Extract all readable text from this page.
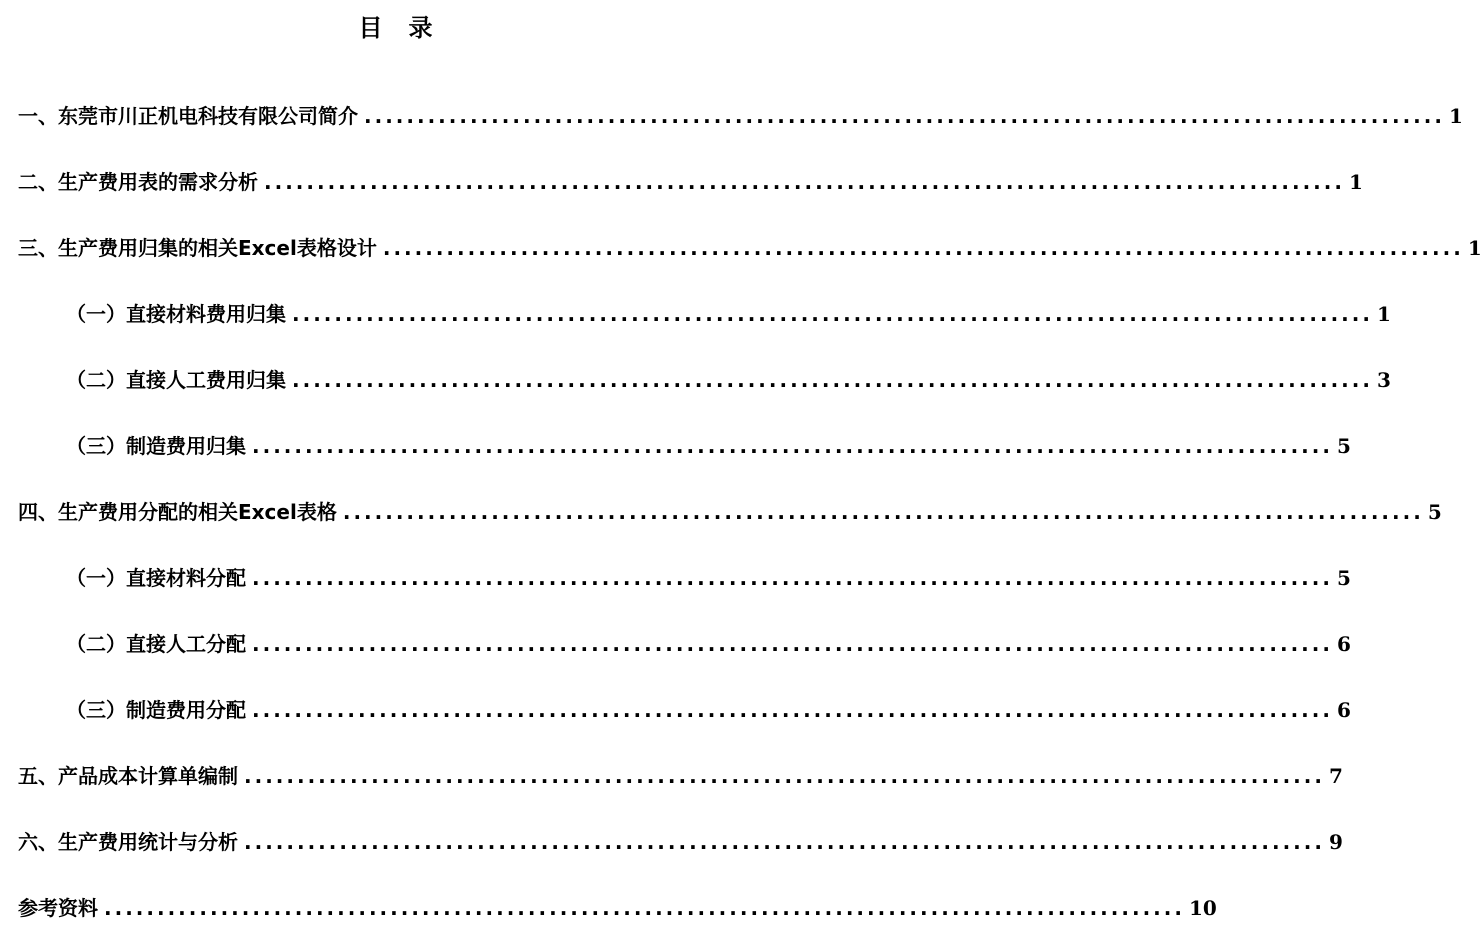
目 录
一、东莞市川正机电科技有限公司简介 ...................................................................................................... 1
二、生产费用表的需求分析 ...................................................................................................... 1
三、生产费用归集的相关Excel表格设计 ...................................................................................................... 1
（一）直接材料费用归集 ...................................................................................................... 1
（二）直接人工费用归集 ...................................................................................................... 3
（三）制造费用归集 ...................................................................................................... 5
四、生产费用分配的相关Excel表格 ...................................................................................................... 5
（一）直接材料分配 ...................................................................................................... 5
（二）直接人工分配 ...................................................................................................... 6
（三）制造费用分配 ...................................................................................................... 6
五、产品成本计算单编制 ...................................................................................................... 7
六、生产费用统计与分析 ...................................................................................................... 9
参考资料 ...................................................................................................... 10
